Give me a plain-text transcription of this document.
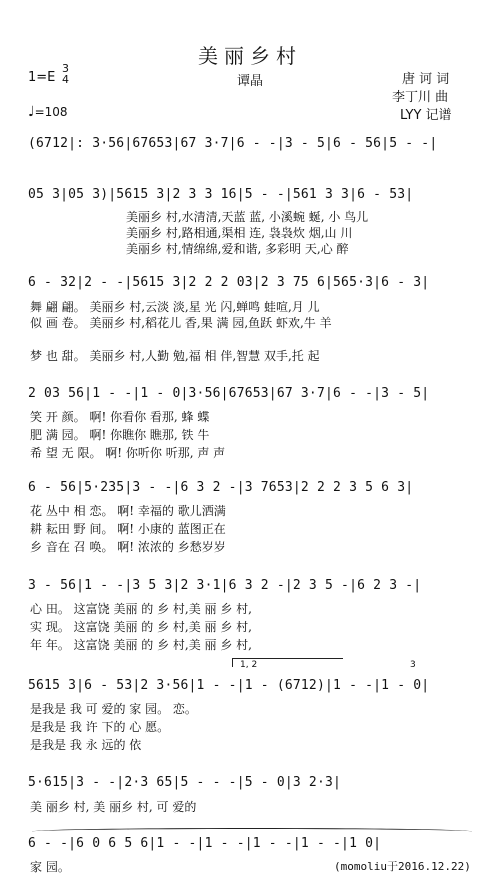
美丽乡村
1=E
3
4	谭晶	唐 诃 词
李丁川 曲
LYY 记谱
♩=108
(6712|: 3·56|67653|67 3·7|6 - -|3 - 5|6 - 56|5 - -|
05 3|05 3)|5615 3|2 3 3 16|5 - -|561 3 3|6 - 53|
美丽乡 村,水清清,天蓝 蓝, 小溪蜿 蜒, 小 鸟儿
美丽乡 村,路相通,渠相 连, 袅袅炊 烟,山 川
美丽乡 村,情绵绵,爱和谐, 多彩明 天,心 醉
6 - 32|2 - -|5615 3|2 2 2 03|2 3 75 6|565·3|6 - 3|
舞 翩 翩。 美丽乡 村,云淡 淡,星 光 闪,蝉鸣 蛙喧,月 儿
似 画 卷。 美丽乡 村,稻花儿 香,果 满 园,鱼跃 虾欢,牛 羊
梦 也 甜。 美丽乡 村,人勤 勉,福 相 伴,智慧 双手,托 起
2 03 56|1 - -|1 - 0|3·56|67653|67 3·7|6 - -|3 - 5|
笑 开 颜。 啊! 你看你 看那, 蜂 蝶
肥 满 园。 啊! 你瞧你 瞧那, 铁 牛
希 望 无 限。 啊! 你听你 听那, 声 声
6 - 56|5·235|3 - -|6 3 2 -|3 7653|2 2 2 3 5 6 3|
花 丛中 相 恋。 啊! 幸福的 歌儿洒满
耕 耘田 野 间。 啊! 小康的 蓝图正在
乡 音在 召 唤。 啊! 浓浓的 乡愁岁岁
3 - 56|1 - -|3 5 3|2 3·1|6 3 2 -|2 3 5 -|6 2 3 -|
心 田。 这富饶 美丽 的 乡 村,美 丽 乡 村,
实 现。 这富饶 美丽 的 乡 村,美 丽 乡 村,
年 年。 这富饶 美丽 的 乡 村,美 丽 乡 村,
1, 2	3
5615 3|6 - 53|2 3·56|1 - -|1 - (6712)|1 - -|1 - 0|
是我是 我 可 爱的 家 园。 恋。
是我是 我 许 下的 心 愿。
是我是 我 永 远的 依
5·615|3 - -|2·3 65|5 - - -|5 - 0|3 2·3|
美 丽乡 村, 美 丽乡 村, 可 爱的
6 - -|6 0 6 5 6|1 - -|1 - -|1 - -|1 - -|1 0|
家 园。	(momoliu于2016.12.22)
